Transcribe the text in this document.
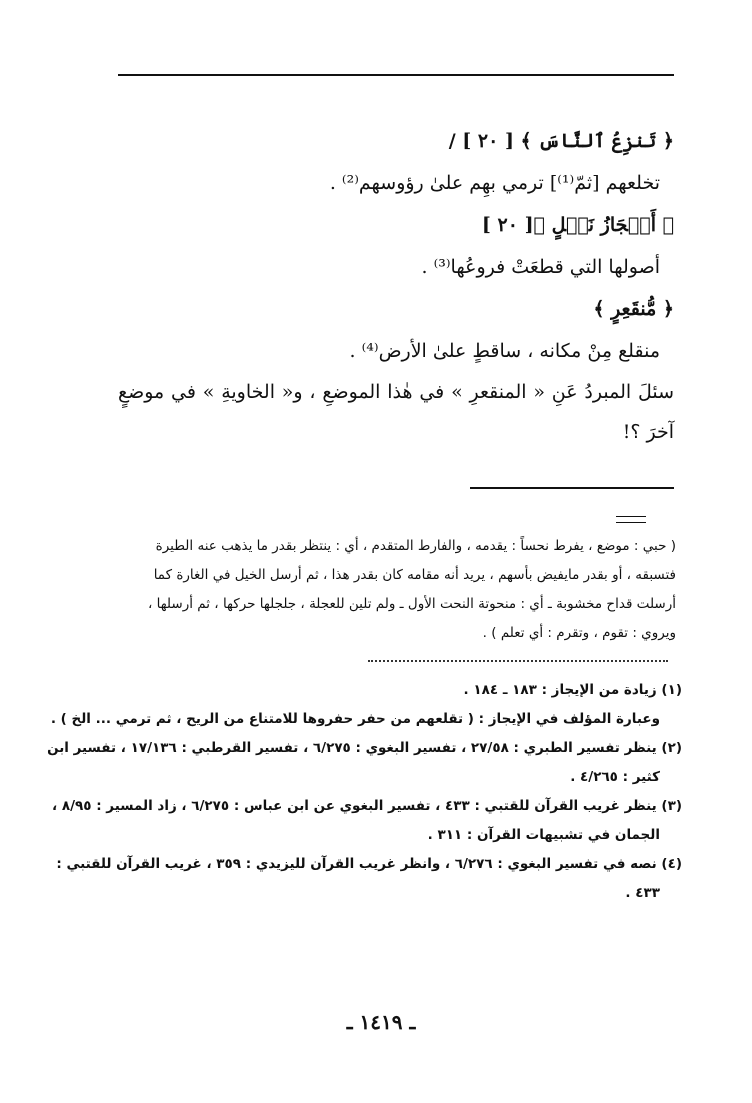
﴿ تَنزِعُ ٱلنَّاسَ ﴾ [ ٢٠ ] /

تخلعهم [ثمّ⁽¹⁾] ترمي بهِم علىٰ رؤوسهم⁽²⁾ .

﴿ أَعۡجَازُ نَخۡلٍ ﴾[ ٢٠ ]

أصولها التي قطعَتْ فروعُها⁽³⁾ .

﴿ مُّنقَعِرٍ ﴾

منقلع مِنْ مكانه ، ساقطٍ علىٰ الأرض⁽⁴⁾ .

سئلَ المبردُ عَنِ « المنقعرِ » في هٰذا الموضعِ ، و« الخاويةِ » في موضعٍ آخرَ ؟!

( حبي : موضع ، يفرط نحساً : يقدمه ، والفارط المتقدم ، أي : ينتظر بقدر ما يذهب عنه الطيرة

فتسبقه ، أو بقدر مايفيض بأسهم ، يريد أنه مقامه كان بقدر هذا ، ثم أرسل الخيل في الغارة كما

أرسلت قداح مخشوبة ـ أي : منحوتة النحت الأول ـ ولم تلين للعجلة ، جلجلها حركها ، ثم أرسلها ،

ويروي : تقوم ، وتقرم : أي تعلم ) .

(١) زيادة من الإيجاز : ١٨٣ ـ ١٨٤ .

وعبارة المؤلف في الإيجاز : ( تقلعهم من حفر حفروها للامتناع من الريح ، ثم ترمي ... الخ ) .

(٢) ينظر تفسير الطبري : ٢٧/٥٨ ، تفسير البغوي : ٦/٢٧٥ ، تفسير القرطبي : ١٧/١٣٦ ، تفسير ابن

كثير : ٤/٢٦٥ .

(٣) ينظر غريب القرآن للقتبي : ٤٣٣ ، تفسير البغوي عن ابن عباس : ٦/٢٧٥ ، زاد المسير : ٨/٩٥ ،

الجمان في تشبيهات القرآن : ٣١١ .

(٤) نصه في تفسير البغوي : ٦/٢٧٦ ، وانظر غريب القرآن لليزيدي : ٣٥٩ ، غريب القرآن للقتبي :

٤٣٣ .

ـ ١٤١٩ ـ
